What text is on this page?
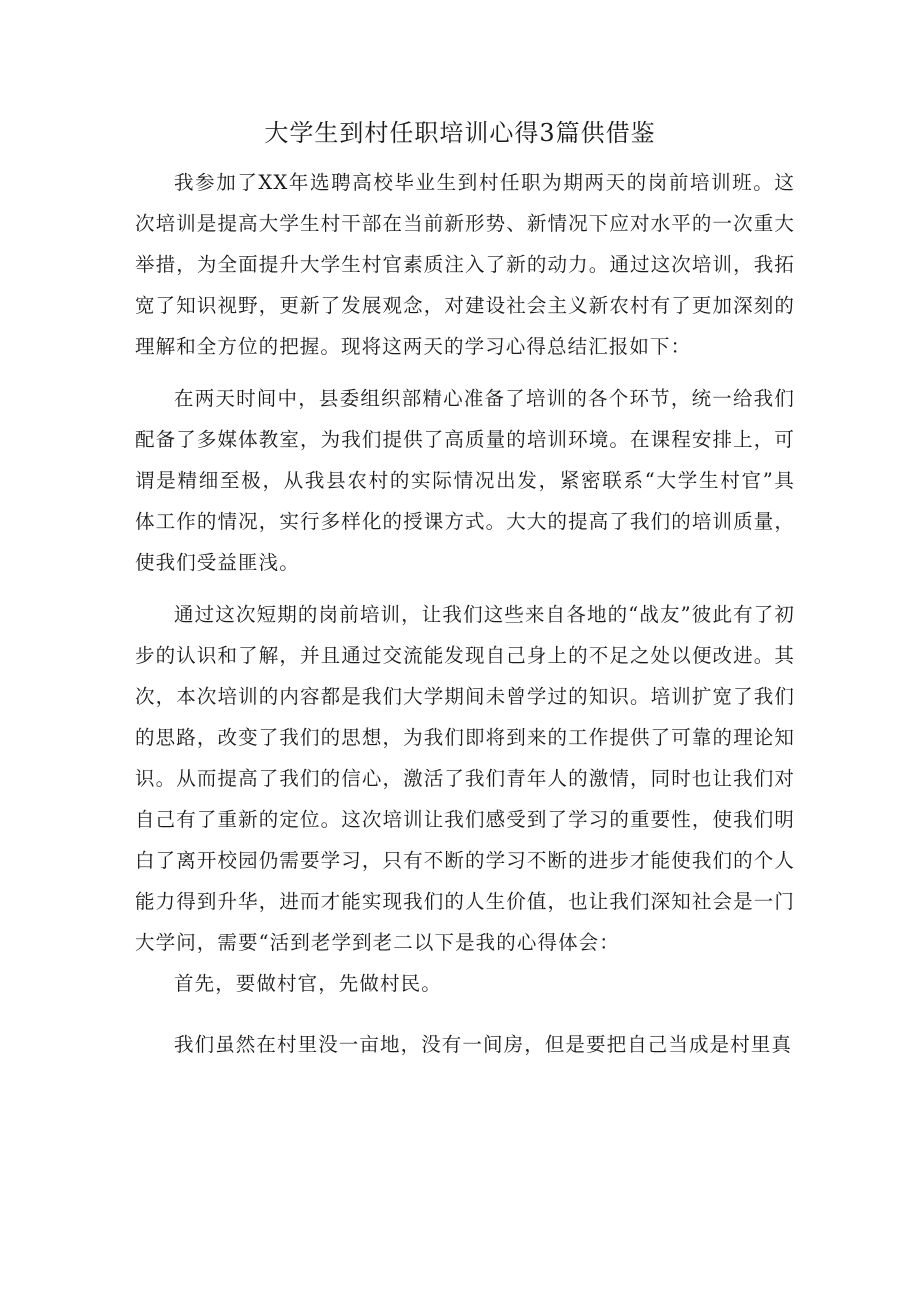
大学生到村任职培训心得3篇供借鉴

我参加了XX年选聘高校毕业生到村任职为期两天的岗前培训班。这次培训是提高大学生村干部在当前新形势、新情况下应对水平的一次重大举措，为全面提升大学生村官素质注入了新的动力。通过这次培训，我拓宽了知识视野，更新了发展观念，对建设社会主义新农村有了更加深刻的理解和全方位的把握。现将这两天的学习心得总结汇报如下：

在两天时间中，县委组织部精心准备了培训的各个环节，统一给我们配备了多媒体教室，为我们提供了高质量的培训环境。在课程安排上，可谓是精细至极，从我县农村的实际情况出发，紧密联系“大学生村官”具体工作的情况，实行多样化的授课方式。大大的提高了我们的培训质量，使我们受益匪浅。

通过这次短期的岗前培训，让我们这些来自各地的“战友”彼此有了初步的认识和了解，并且通过交流能发现自己身上的不足之处以便改进。其次，本次培训的内容都是我们大学期间未曾学过的知识。培训扩宽了我们的思路，改变了我们的思想，为我们即将到来的工作提供了可靠的理论知识。从而提高了我们的信心，激活了我们青年人的激情，同时也让我们对自己有了重新的定位。这次培训让我们感受到了学习的重要性，使我们明白了离开校园仍需要学习，只有不断的学习不断的进步才能使我们的个人能力得到升华，进而才能实现我们的人生价值，也让我们深知社会是一门大学问，需要“活到老学到老二以下是我的心得体会：

首先，要做村官，先做村民。

我们虽然在村里没一亩地，没有一间房，但是要把自己当成是村里真
